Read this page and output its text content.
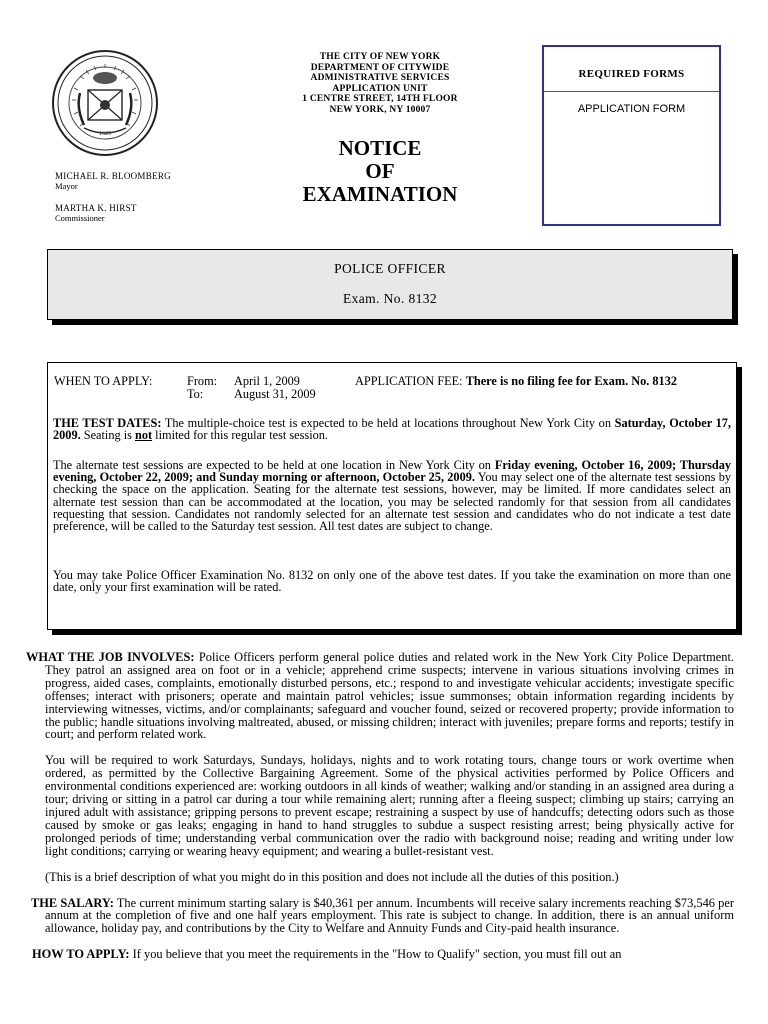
1625
MICHAEL R. BLOOMBERG
Mayor
MARTHA K. HIRST
Commissioner
THE CITY OF NEW YORK
DEPARTMENT OF CITYWIDE
ADMINISTRATIVE SERVICES
APPLICATION UNIT
1 CENTRE STREET, 14TH FLOOR
NEW YORK, NY 10007
NOTICE
OF
EXAMINATION
REQUIRED FORMS
APPLICATION FORM
POLICE OFFICER
Exam. No. 8132
WHEN TO APPLY:	From: April 1, 2009
To:	August 31, 2009
APPLICATION FEE: There is no filing fee for Exam. No. 8132

THE TEST DATES: The multiple-choice test is expected to be held at locations throughout New York City on Saturday, October 17, 2009. Seating is not limited for this regular test session.

The alternate test sessions are expected to be held at one location in New York City on Friday evening, October 16, 2009; Thursday evening, October 22, 2009; and Sunday morning or afternoon, October 25, 2009. You may select one of the alternate test sessions by checking the space on the application. Seating for the alternate test sessions, however, may be limited. If more candidates select an alternate test session than can be accommodated at the location, you may be selected randomly for that session from all candidates requesting that session. Candidates not randomly selected for an alternate test session and candidates who do not indicate a test date preference, will be called to the Saturday test session. All test dates are subject to change.

You may take Police Officer Examination No. 8132 on only one of the above test dates. If you take the examination on more than one date, only your first examination will be rated.

WHAT THE JOB INVOLVES: Police Officers perform general police duties and related work in the New York City Police Department. They patrol an assigned area on foot or in a vehicle; apprehend crime suspects; intervene in various situations involving crimes in progress, aided cases, complaints, emotionally disturbed persons, etc.; respond to and investigate vehicular accidents; investigate specific offenses; interact with prisoners; operate and maintain patrol vehicles; issue summonses; obtain information regarding incidents by interviewing witnesses, victims, and/or complainants; safeguard and voucher found, seized or recovered property; provide information to the public; handle situations involving maltreated, abused, or missing children; interact with juveniles; prepare forms and reports; testify in court; and perform related work.

You will be required to work Saturdays, Sundays, holidays, nights and to work rotating tours, change tours or work overtime when ordered, as permitted by the Collective Bargaining Agreement. Some of the physical activities performed by Police Officers and environmental conditions experienced are: working outdoors in all kinds of weather; walking and/or standing in an assigned area during a tour; driving or sitting in a patrol car during a tour while remaining alert; running after a fleeing suspect; climbing up stairs; carrying an injured adult with assistance; gripping persons to prevent escape; restraining a suspect by use of handcuffs; detecting odors such as those caused by smoke or gas leaks; engaging in hand to hand struggles to subdue a suspect resisting arrest; being physically active for prolonged periods of time; understanding verbal communication over the radio with background noise; reading and writing under low light conditions; carrying or wearing heavy equipment; and wearing a bullet-resistant vest.

(This is a brief description of what you might do in this position and does not include all the duties of this position.)

THE SALARY: The current minimum starting salary is $40,361 per annum. Incumbents will receive salary increments reaching $73,546 per annum at the completion of five and one half years employment. This rate is subject to change. In addition, there is an annual uniform allowance, holiday pay, and contributions by the City to Welfare and Annuity Funds and City-paid health insurance.

HOW TO APPLY: If you believe that you meet the requirements in the "How to Qualify" section, you must fill out an
